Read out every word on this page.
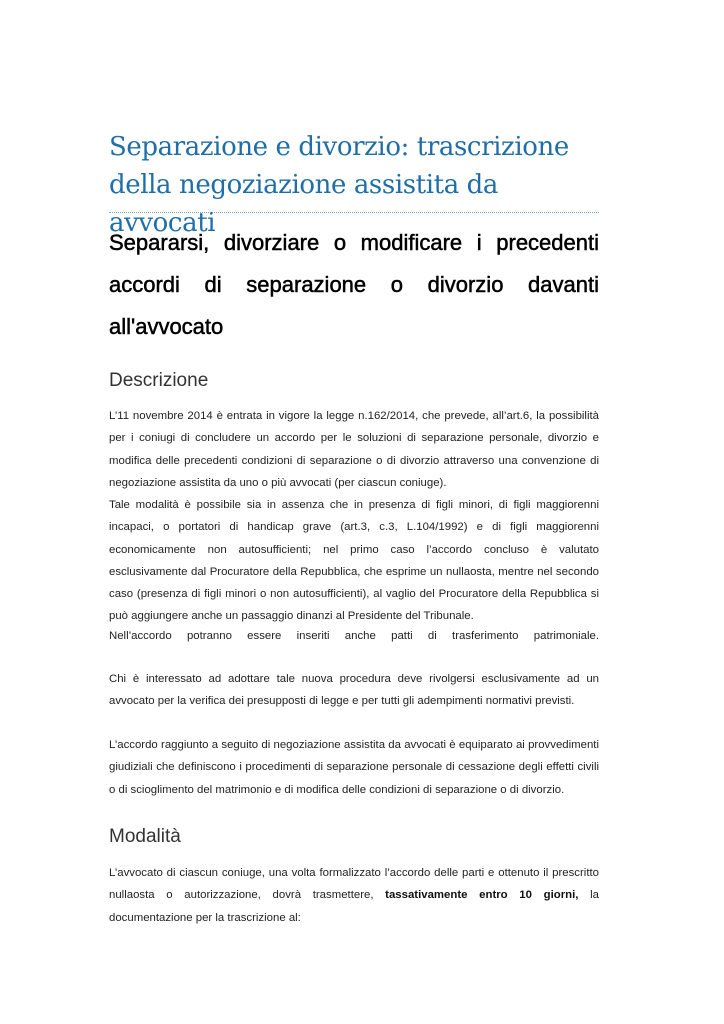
Separazione e divorzio: trascrizione della negoziazione assistita da avvocati
Separarsi, divorziare o modificare i precedenti accordi di separazione o divorzio davanti all'avvocato
Descrizione

L’11 novembre 2014 è entrata in vigore la legge n.162/2014, che prevede, all’art.6, la possibilità per i coniugi di concludere un accordo per le soluzioni di separazione personale, divorzio e modifica delle precedenti condizioni di separazione o di divorzio attraverso una convenzione di negoziazione assistita da uno o più avvocati (per ciascun coniuge).

Tale modalità è possibile sia in assenza che in presenza di figli minori, di figli maggiorenni incapaci, o portatori di handicap grave (art.3, c.3, L.104/1992) e di figli maggiorenni economicamente non autosufficienti; nel primo caso l’accordo concluso è valutato esclusivamente dal Procuratore della Repubblica, che esprime un nullaosta, mentre nel secondo caso (presenza di figli minori o non autosufficienti), al vaglio del Procuratore della Repubblica si può aggiungere anche un passaggio dinanzi al Presidente del Tribunale.

Nell’accordo potranno essere inseriti anche patti di trasferimento patrimoniale.

Chi è interessato ad adottare tale nuova procedura deve rivolgersi esclusivamente ad un avvocato per la verifica dei presupposti di legge e per tutti gli adempimenti normativi previsti.

L’accordo raggiunto a seguito di negoziazione assistita da avvocati è equiparato ai provvedimenti giudiziali che definiscono i procedimenti di separazione personale di cessazione degli effetti civili o di scioglimento del matrimonio e di modifica delle condizioni di separazione o di divorzio.

Modalità

L’avvocato di ciascun coniuge, una volta formalizzato l’accordo delle parti e ottenuto il prescritto nullaosta o autorizzazione, dovrà trasmettere, tassativamente entro 10 giorni, la documentazione per la trascrizione al:
